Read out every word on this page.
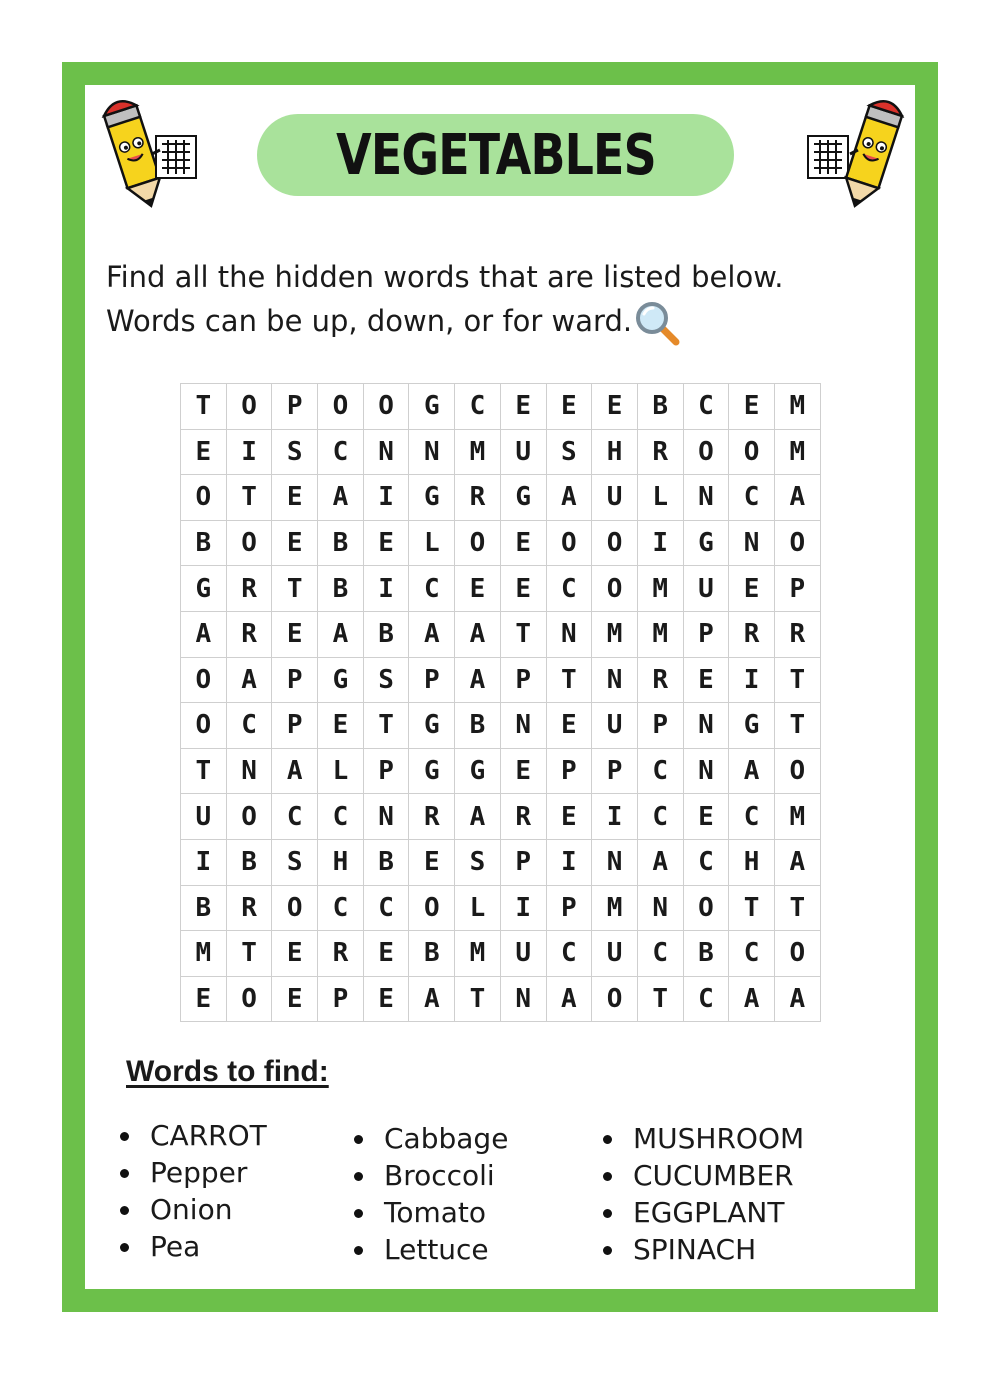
VEGETABLES
Find all the hidden words that are listed below.
Words can be up, down, or for ward.
T	O	P	O	O	G	C	E	E	E	B	C	E	M
E	I	S	C	N	N	M	U	S	H	R	O	O	M
O	T	E	A	I	G	R	G	A	U	L	N	C	A
B	O	E	B	E	L	O	E	O	O	I	G	N	O
G	R	T	B	I	C	E	E	C	O	M	U	E	P
A	R	E	A	B	A	A	T	N	M	M	P	R	R
O	A	P	G	S	P	A	P	T	N	R	E	I	T
O	C	P	E	T	G	B	N	E	U	P	N	G	T
T	N	A	L	P	G	G	E	P	P	C	N	A	O
U	O	C	C	N	R	A	R	E	I	C	E	C	M
I	B	S	H	B	E	S	P	I	N	A	C	H	A
B	R	O	C	C	O	L	I	P	M	N	O	T	T
M	T	E	R	E	B	M	U	C	U	C	B	C	O
E	O	E	P	E	A	T	N	A	O	T	C	A	A
Words to find:
CARROT
Pepper
Onion
Pea
Cabbage
Broccoli
Tomato
Lettuce
MUSHROOM
CUCUMBER
EGGPLANT
SPINACH
